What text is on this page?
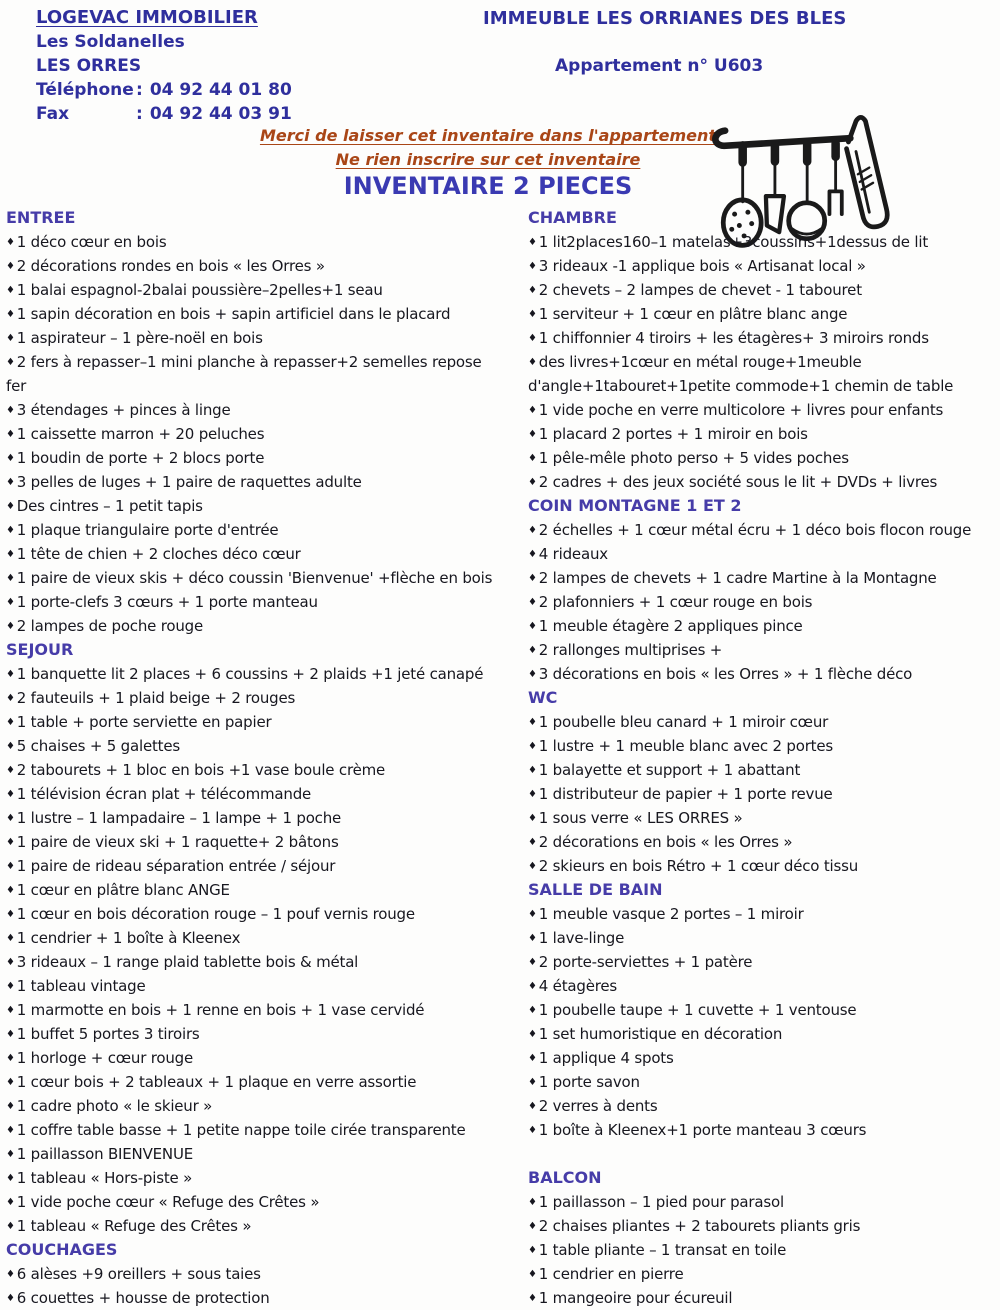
LOGEVAC IMMOBILIER
Les Soldanelles
LES ORRES
Téléphone : 04 92 44 01 80
Fax	: 04 92 44 03 91
IMMEUBLE LES ORRIANES DES BLES
Appartement n° U603
Merci de laisser cet inventaire dans l'appartement
Ne rien inscrire sur cet inventaire
INVENTAIRE 2 PIECES
ENTREE
♦ 1 déco cœur en bois
♦ 2 décorations rondes en bois « les Orres »
♦ 1 balai espagnol-2balai poussière–2pelles+1 seau
♦ 1 sapin décoration en bois + sapin artificiel dans le placard
♦ 1 aspirateur – 1 père-noël en bois
♦ 2 fers à repasser–1 mini planche à repasser+2 semelles repose
fer
♦ 3 étendages + pinces à linge
♦ 1 caissette marron + 20 peluches
♦ 1 boudin de porte + 2 blocs porte
♦ 3 pelles de luges + 1 paire de raquettes adulte
♦ Des cintres – 1 petit tapis
♦ 1 plaque triangulaire porte d'entrée
♦ 1 tête de chien + 2 cloches déco cœur
♦ 1 paire de vieux skis + déco coussin 'Bienvenue' +flèche en bois
♦ 1 porte-clefs 3 cœurs + 1 porte manteau
♦ 2 lampes de poche rouge
SEJOUR
♦ 1 banquette lit 2 places + 6 coussins + 2 plaids +1 jeté canapé
♦ 2 fauteuils + 1 plaid beige + 2 rouges
♦ 1 table + porte serviette en papier
♦ 5 chaises + 5 galettes
♦ 2 tabourets + 1 bloc en bois +1 vase boule crème
♦ 1 télévision écran plat + télécommande
♦ 1 lustre – 1 lampadaire – 1 lampe + 1 poche
♦ 1 paire de vieux ski + 1 raquette+ 2 bâtons
♦ 1 paire de rideau séparation entrée / séjour
♦ 1 cœur en plâtre blanc ANGE
♦ 1 cœur en bois décoration rouge – 1 pouf vernis rouge
♦ 1 cendrier + 1 boîte à Kleenex
♦ 3 rideaux – 1 range plaid tablette bois & métal
♦ 1 tableau vintage
♦ 1 marmotte en bois + 1 renne en bois + 1 vase cervidé
♦ 1 buffet 5 portes 3 tiroirs
♦ 1 horloge + cœur rouge
♦ 1 cœur bois + 2 tableaux + 1 plaque en verre assortie
♦ 1 cadre photo « le skieur »
♦ 1 coffre table basse + 1 petite nappe toile cirée transparente
♦ 1 paillasson BIENVENUE
♦ 1 tableau « Hors-piste »
♦ 1 vide poche cœur « Refuge des Crêtes »
♦ 1 tableau « Refuge des Crêtes »
COUCHAGES
♦ 6 alèses +9 oreillers + sous taies
♦ 6 couettes + housse de protection
CHAMBRE
♦ 1 lit2places160–1 matelas+3coussins+1dessus de lit
♦ 3 rideaux -1 applique bois « Artisanat local »
♦ 2 chevets – 2 lampes de chevet - 1 tabouret
♦ 1 serviteur + 1 cœur en plâtre blanc ange
♦ 1 chiffonnier 4 tiroirs + les étagères+ 3 miroirs ronds
♦ des livres+1cœur en métal rouge+1meuble
d'angle+1tabouret+1petite commode+1 chemin de table
♦ 1 vide poche en verre multicolore + livres pour enfants
♦ 1 placard 2 portes + 1 miroir en bois
♦ 1 pêle-mêle photo perso + 5 vides poches
♦ 2 cadres + des jeux société sous le lit + DVDs + livres
COIN MONTAGNE 1 ET 2
♦ 2 échelles + 1 cœur métal écru + 1 déco bois flocon rouge
♦ 4 rideaux
♦ 2 lampes de chevets + 1 cadre Martine à la Montagne
♦ 2 plafonniers + 1 cœur rouge en bois
♦ 1 meuble étagère 2 appliques pince
♦ 2 rallonges multiprises +
♦ 3 décorations en bois « les Orres » + 1 flèche déco
WC
♦ 1 poubelle bleu canard + 1 miroir cœur
♦ 1 lustre + 1 meuble blanc avec 2 portes
♦ 1 balayette et support + 1 abattant
♦ 1 distributeur de papier + 1 porte revue
♦ 1 sous verre « LES ORRES »
♦ 2 décorations en bois « les Orres »
♦ 2 skieurs en bois Rétro + 1 cœur déco tissu
SALLE DE BAIN
♦ 1 meuble vasque 2 portes – 1 miroir
♦ 1 lave-linge
♦ 2 porte-serviettes + 1 patère
♦ 4 étagères
♦ 1 poubelle taupe + 1 cuvette + 1 ventouse
♦ 1 set humoristique en décoration
♦ 1 applique 4 spots
♦ 1 porte savon
♦ 2 verres à dents
♦ 1 boîte à Kleenex+1 porte manteau 3 cœurs
BALCON
♦ 1 paillasson – 1 pied pour parasol
♦ 2 chaises pliantes + 2 tabourets pliants gris
♦ 1 table pliante – 1 transat en toile
♦ 1 cendrier en pierre
♦ 1 mangeoire pour écureuil
